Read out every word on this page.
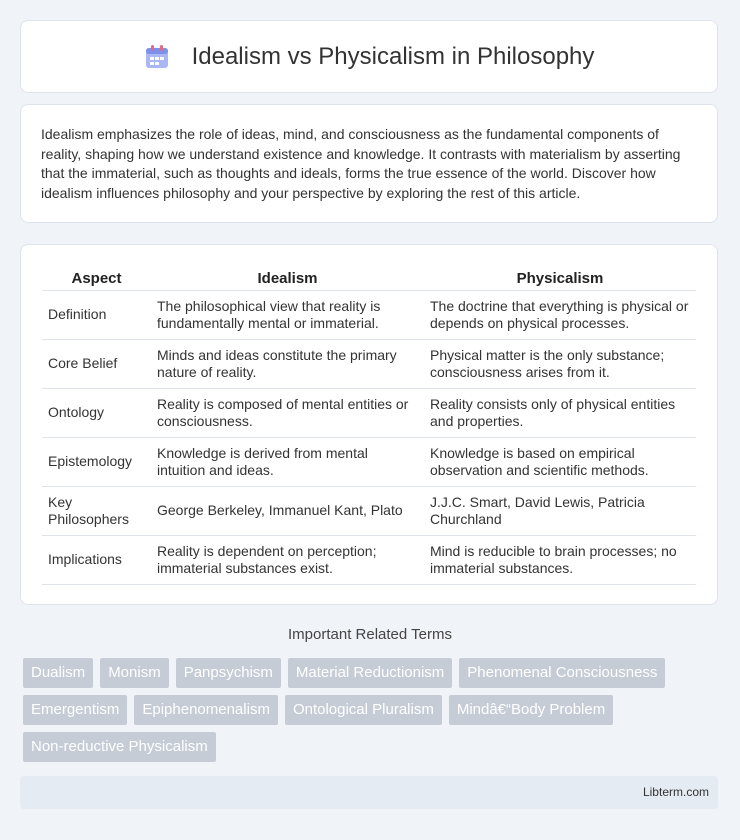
Idealism vs Physicalism in Philosophy

Idealism emphasizes the role of ideas, mind, and consciousness as the fundamental components of reality, shaping how we understand existence and knowledge. It contrasts with materialism by asserting that the immaterial, such as thoughts and ideals, forms the true essence of the world. Discover how idealism influences philosophy and your perspective by exploring the rest of this article.

Aspect	Idealism	Physicalism
Definition	The philosophical view that reality is fundamentally mental or immaterial.	The doctrine that everything is physical or depends on physical processes.
Core Belief	Minds and ideas constitute the primary nature of reality.	Physical matter is the only substance; consciousness arises from it.
Ontology	Reality is composed of mental entities or consciousness.	Reality consists only of physical entities and properties.
Epistemology	Knowledge is derived from mental intuition and ideas.	Knowledge is based on empirical observation and scientific methods.
Key Philosophers	George Berkeley, Immanuel Kant, Plato	J.J.C. Smart, David Lewis, Patricia Churchland
Implications	Reality is dependent on perception; immaterial substances exist.	Mind is reducible to brain processes; no immaterial substances.
Important Related Terms
Dualism	Monism	Panpsychism	Material Reductionism	Phenomenal Consciousness
Emergentism	Epiphenomenalism	Ontological Pluralism	Mindâ€“Body Problem
Non-reductive Physicalism
Libterm.com
